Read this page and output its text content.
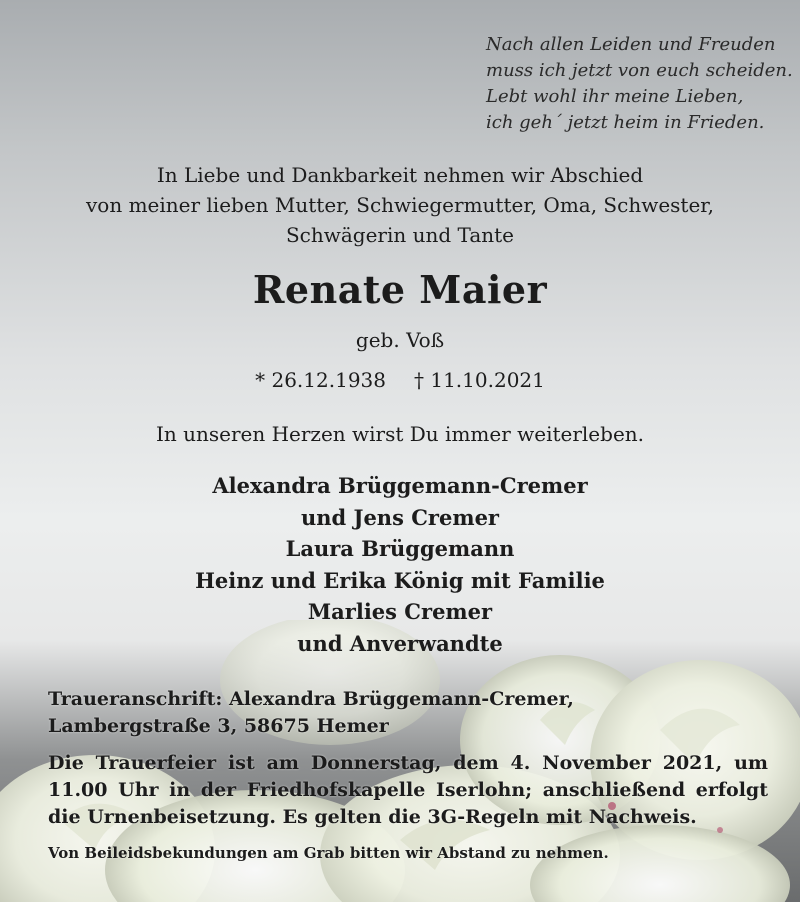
Nach allen Leiden und Freuden
muss ich jetzt von euch scheiden.
Lebt wohl ihr meine Lieben,
ich geh´ jetzt heim in Frieden.
In Liebe und Dankbarkeit nehmen wir Abschied
von meiner lieben Mutter, Schwiegermutter, Oma, Schwester,
Schwägerin und Tante
Renate Maier
geb. Voß
* 26.12.1938 † 11.10.2021
In unseren Herzen wirst Du immer weiterleben.
Alexandra Brüggemann-Cremer
und Jens Cremer
Laura Brüggemann
Heinz und Erika König mit Familie
Marlies Cremer
und Anverwandte
Traueranschrift: Alexandra Brüggemann-Cremer,
Lambergstraße 3, 58675 Hemer
Die Trauerfeier ist am Donnerstag, dem 4. November 2021, um 11.00 Uhr in der Friedhofskapelle Iserlohn; anschließend erfolgt die Urnenbeisetzung. Es gelten die 3G-Regeln mit Nachweis.
Von Beileidsbekundungen am Grab bitten wir Abstand zu nehmen.
